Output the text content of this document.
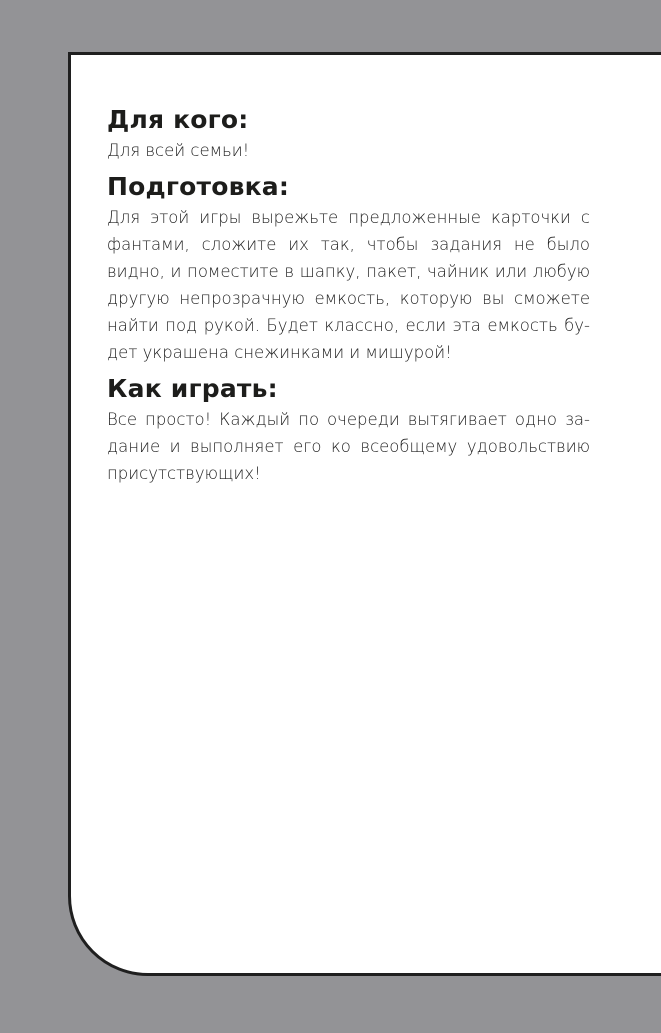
Для кого:

Для всей семьи!

Подготовка:

Для этой игры вырежьте предложенные карточки с фантами, сложите их так, чтобы задания не было видно, и поместите в шапку, пакет, чайник или любую другую непрозрачную емкость, которую вы сможете найти под рукой. Будет классно, если эта емкость будет украшена снежинками и мишурой!

Как играть:

Все просто! Каждый по очереди вытягивает одно задание и выполняет его ко всеобщему удовольствию присутствующих!
